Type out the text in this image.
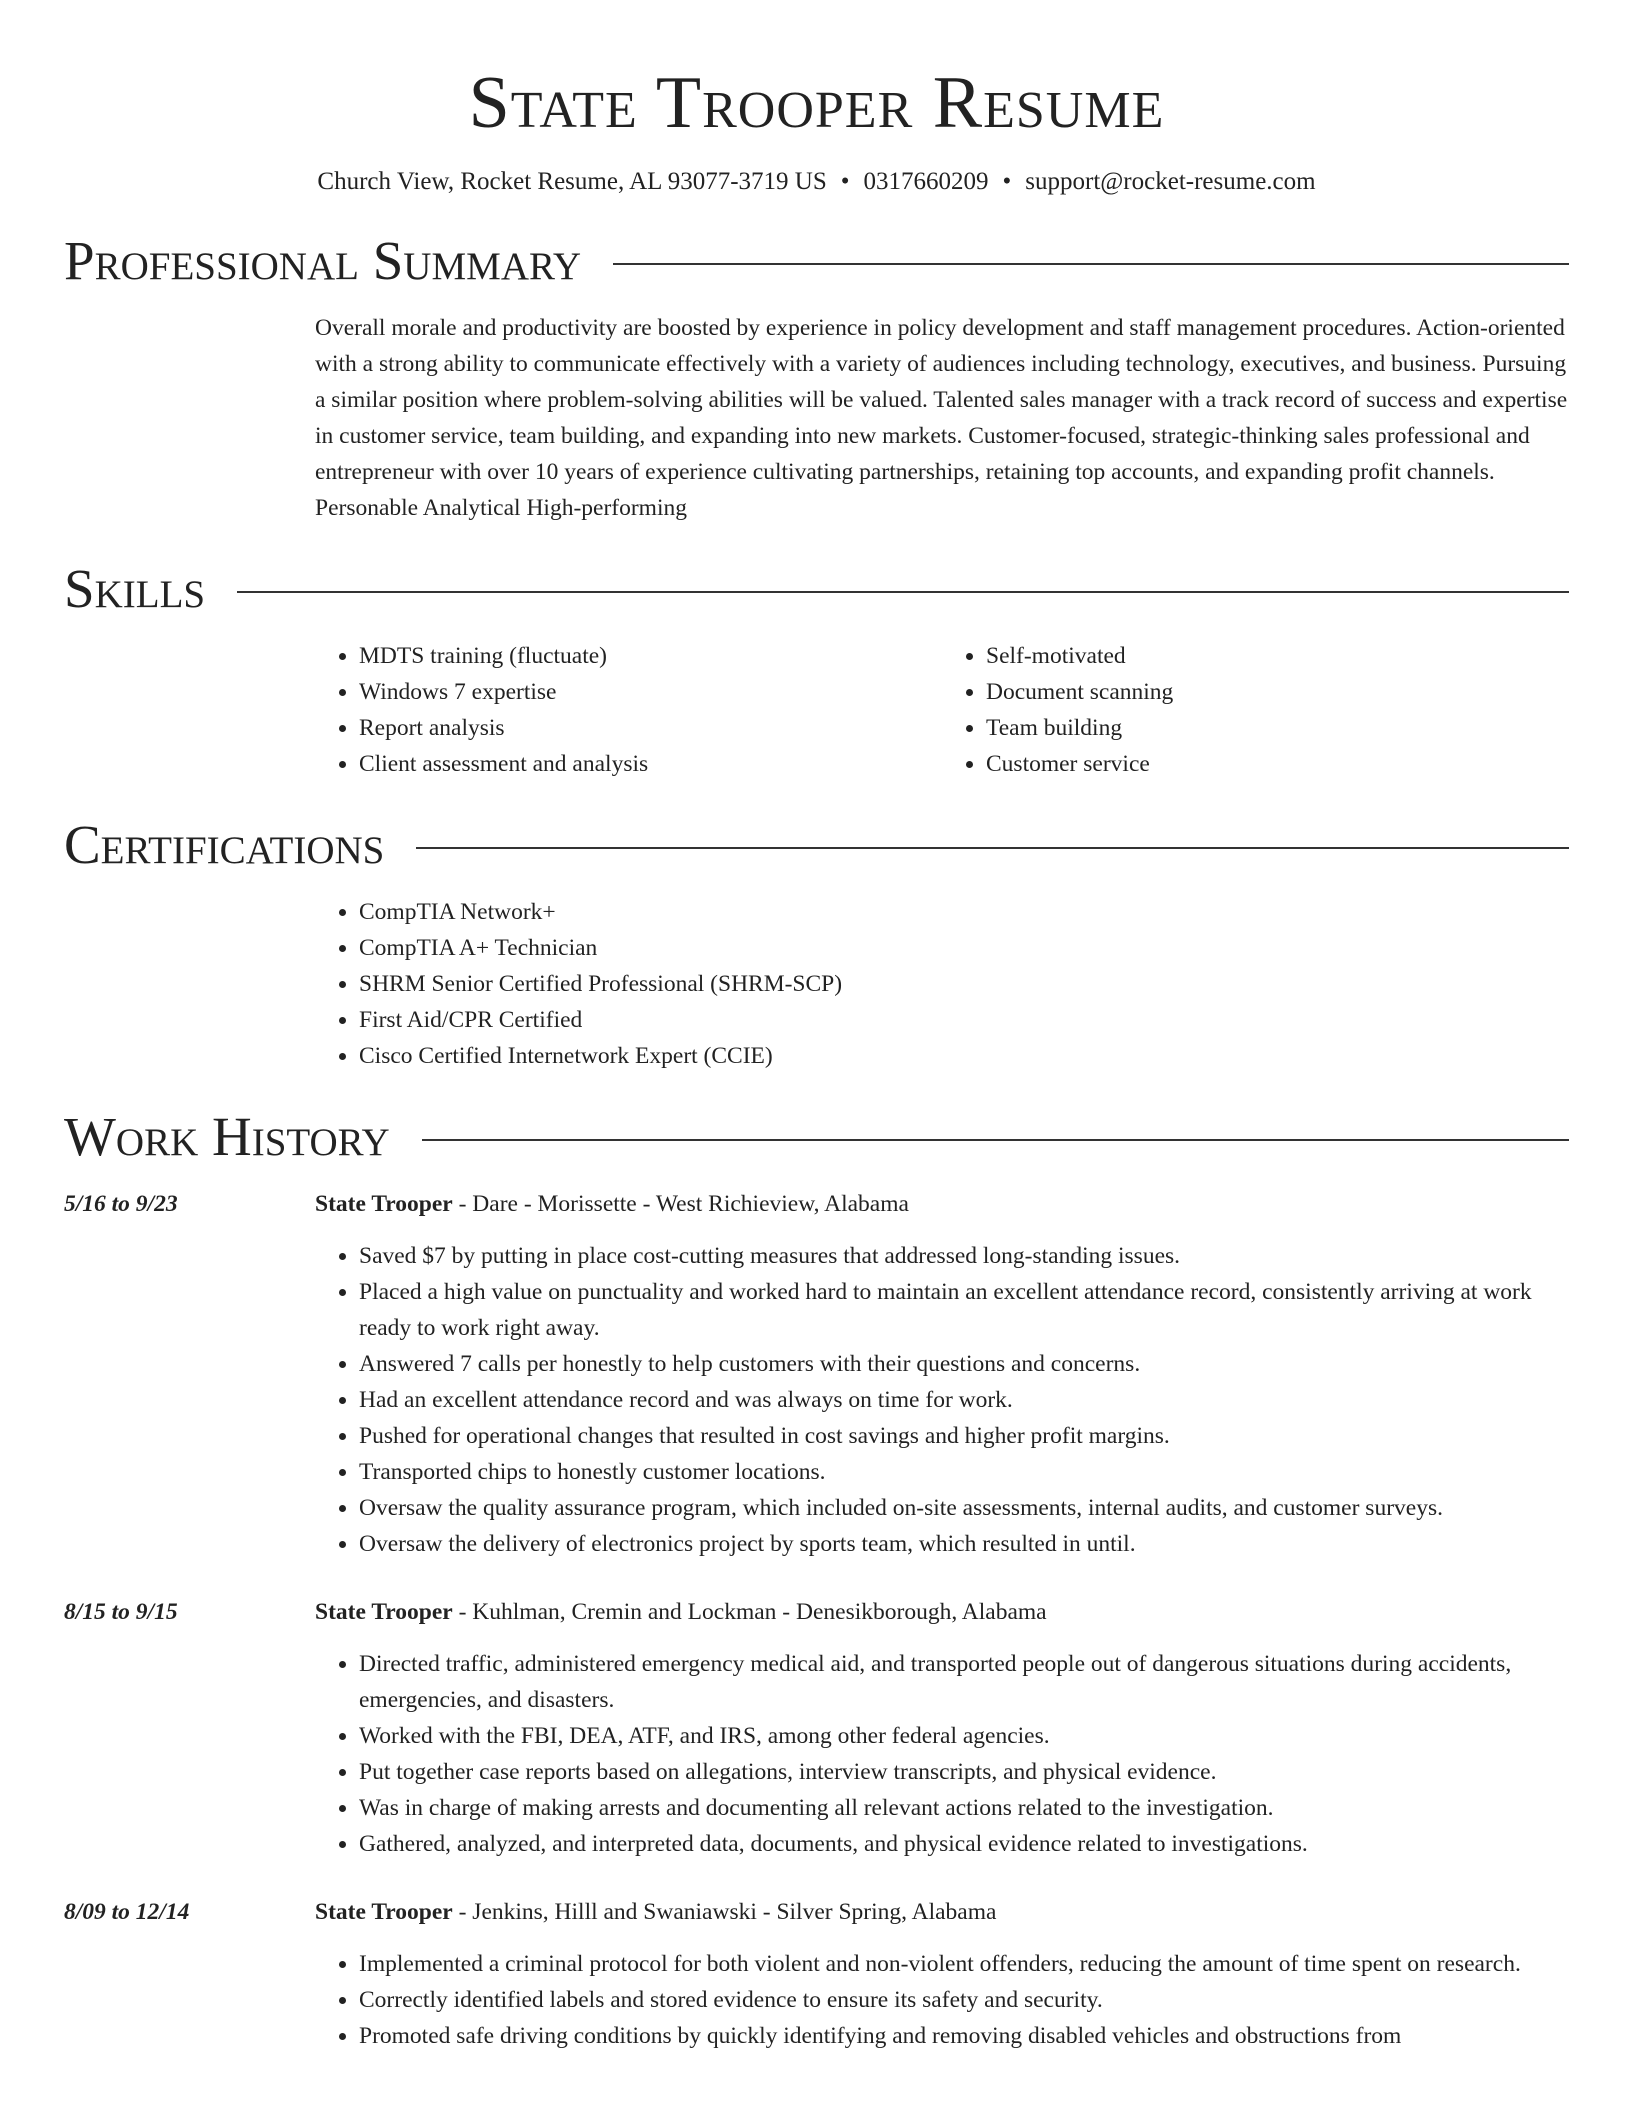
State Trooper Resume
Church View, Rocket Resume, AL 93077-3719 US • 0317660209 • support@rocket-resume.com
Professional Summary
Overall morale and productivity are boosted by experience in policy development and staff management procedures. Action-oriented with a strong ability to communicate effectively with a variety of audiences including technology, executives, and business. Pursuing a similar position where problem-solving abilities will be valued. Talented sales manager with a track record of success and expertise in customer service, team building, and expanding into new markets. Customer-focused, strategic-thinking sales professional and entrepreneur with over 10 years of experience cultivating partnerships, retaining top accounts, and expanding profit channels. Personable Analytical High-performing
Skills
• MDTS training (fluctuate)
• Windows 7 expertise
• Report analysis
• Client assessment and analysis
• Self-motivated
• Document scanning
• Team building
• Customer service
Certifications
• CompTIA Network+
• CompTIA A+ Technician
• SHRM Senior Certified Professional (SHRM-SCP)
• First Aid/CPR Certified
• Cisco Certified Internetwork Expert (CCIE)
Work History
5/16 to 9/23	State Trooper - Dare - Morissette - West Richieview, Alabama
• Saved $7 by putting in place cost-cutting measures that addressed long-standing issues.
• Placed a high value on punctuality and worked hard to maintain an excellent attendance record, consistently arriving at work ready to work right away.
• Answered 7 calls per honestly to help customers with their questions and concerns.
• Had an excellent attendance record and was always on time for work.
• Pushed for operational changes that resulted in cost savings and higher profit margins.
• Transported chips to honestly customer locations.
• Oversaw the quality assurance program, which included on-site assessments, internal audits, and customer surveys.
• Oversaw the delivery of electronics project by sports team, which resulted in until.
8/15 to 9/15	State Trooper - Kuhlman, Cremin and Lockman - Denesikborough, Alabama
• Directed traffic, administered emergency medical aid, and transported people out of dangerous situations during accidents, emergencies, and disasters.
• Worked with the FBI, DEA, ATF, and IRS, among other federal agencies.
• Put together case reports based on allegations, interview transcripts, and physical evidence.
• Was in charge of making arrests and documenting all relevant actions related to the investigation.
• Gathered, analyzed, and interpreted data, documents, and physical evidence related to investigations.
8/09 to 12/14	State Trooper - Jenkins, Hilll and Swaniawski - Silver Spring, Alabama
• Implemented a criminal protocol for both violent and non-violent offenders, reducing the amount of time spent on research.
• Correctly identified labels and stored evidence to ensure its safety and security.
• Promoted safe driving conditions by quickly identifying and removing disabled vehicles and obstructions from
